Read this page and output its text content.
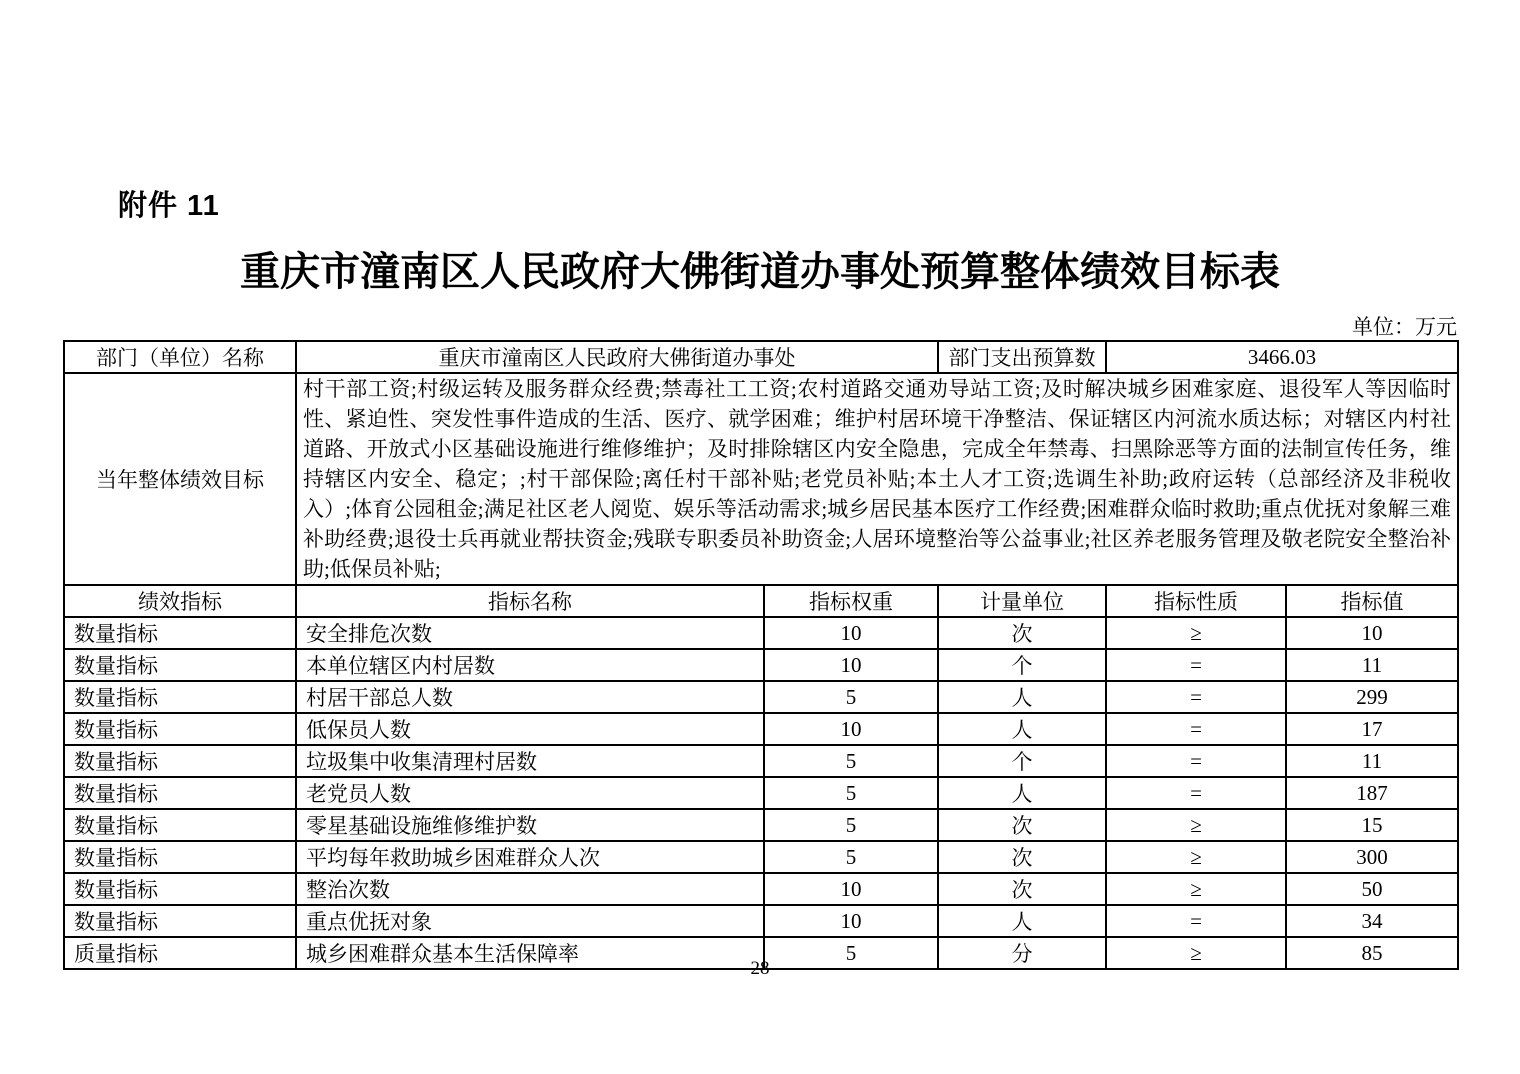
附件 11
重庆市潼南区人民政府大佛街道办事处预算整体绩效目标表
单位：万元
部门（单位）名称	重庆市潼南区人民政府大佛街道办事处		部门支出预算数	3466.03	
当年整体绩效目标	村干部工资;村级运转及服务群众经费;禁毒社工工资;农村道路交通劝导站工资;及时解决城乡困难家庭、退役军人等因临时性、紧迫性、突发性事件造成的生活、医疗、就学困难；维护村居环境干净整洁、保证辖区内河流水质达标；对辖区内村社道路、开放式小区基础设施进行维修维护；及时排除辖区内安全隐患，完成全年禁毒、扫黑除恶等方面的法制宣传任务，维持辖区内安全、稳定；;村干部保险;离任村干部补贴;老党员补贴;本土人才工资;选调生补助;政府运转（总部经济及非税收入）;体育公园租金;满足社区老人阅览、娱乐等活动需求;城乡居民基本医疗工作经费;困难群众临时救助;重点优抚对象解三难补助经费;退役士兵再就业帮扶资金;残联专职委员补助资金;人居环境整治等公益事业;社区养老服务管理及敬老院安全整治补助;低保员补贴;				
绩效指标	指标名称	指标权重	计量单位	指标性质	指标值
数量指标	安全排危次数	10	次	≥	10
数量指标	本单位辖区内村居数	10	个	=	11
数量指标	村居干部总人数	5	人	=	299
数量指标	低保员人数	10	人	=	17
数量指标	垃圾集中收集清理村居数	5	个	=	11
数量指标	老党员人数	5	人	=	187
数量指标	零星基础设施维修维护数	5	次	≥	15
数量指标	平均每年救助城乡困难群众人次	5	次	≥	300
数量指标	整治次数	10	次	≥	50
数量指标	重点优抚对象	10	人	=	34
质量指标	城乡困难群众基本生活保障率	5	分	≥	85
28
